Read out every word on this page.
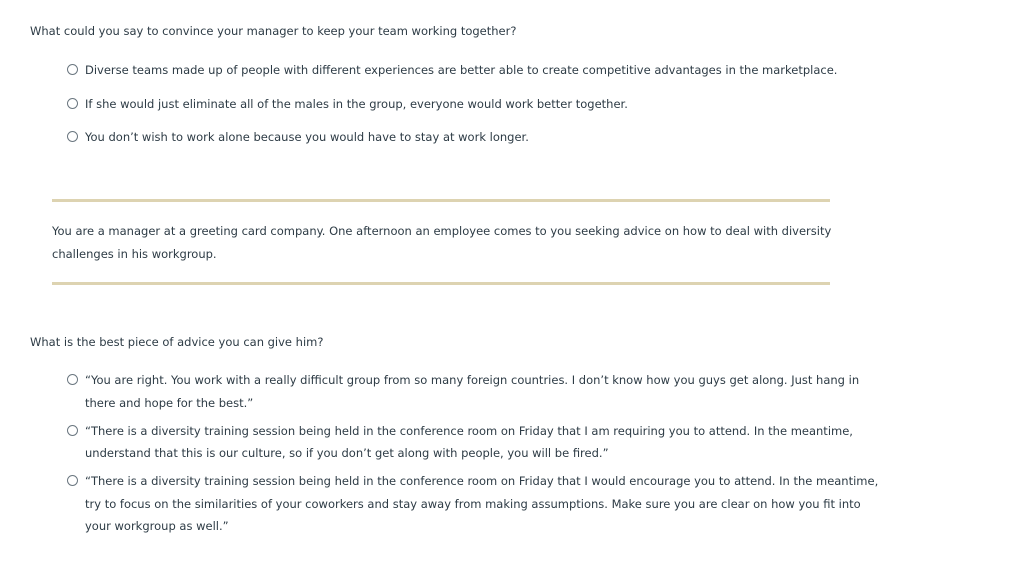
What could you say to convince your manager to keep your team working together?
Diverse teams made up of people with different experiences are better able to create competitive advantages in the marketplace.
If she would just eliminate all of the males in the group, everyone would work better together.
You don’t wish to work alone because you would have to stay at work longer.
You are a manager at a greeting card company. One afternoon an employee comes to you seeking advice on how to deal with diversity challenges in his workgroup.
What is the best piece of advice you can give him?
“You are right. You work with a really difficult group from so many foreign countries. I don’t know how you guys get along. Just hang in there and hope for the best.”
“There is a diversity training session being held in the conference room on Friday that I am requiring you to attend. In the meantime, understand that this is our culture, so if you don’t get along with people, you will be fired.”
“There is a diversity training session being held in the conference room on Friday that I would encourage you to attend. In the meantime, try to focus on the similarities of your coworkers and stay away from making assumptions. Make sure you are clear on how you fit into your workgroup as well.”
